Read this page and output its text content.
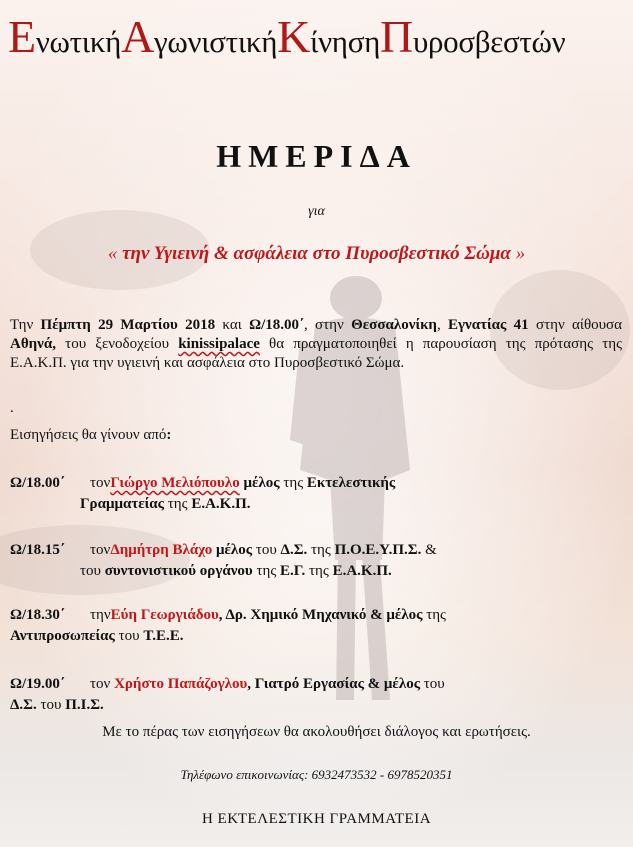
ΕνωτικήΑγωνιστικήΚίνησηΠυροσβεστών
ΗΜΕΡΙΔΑ
για
« την Υγιεινή & ασφάλεια στο Πυροσβεστικό Σώμα »
Την Πέμπτη 29 Μαρτίου 2018 και Ω/18.00΄, στην Θεσσαλονίκη, Εγνατίας 41 στην αίθουσα Αθηνά, του ξενοδοχείου kinissipalace θα πραγματοποιηθεί η παρουσίαση της πρότασης της Ε.Α.Κ.Π. για την υγιεινή και ασφάλεια στο Πυροσβεστικό Σώμα.
.
Εισηγήσεις θα γίνουν από:
Ω/18.00΄ τονΓιώργο Μελιόπουλο μέλος της Εκτελεστικής
Γραμματείας της Ε.Α.Κ.Π.
Ω/18.15΄ τονΔημήτρη Βλάχο μέλος του Δ.Σ. της Π.Ο.Ε.Υ.Π.Σ. &
του συντονιστικού οργάνου της Ε.Γ. της Ε.Α.Κ.Π.
Ω/18.30΄ τηνΕύη Γεωργιάδου, Δρ. Χημικό Μηχανικό & μέλος της
Αντιπροσωπείας του Τ.Ε.Ε.
Ω/19.00΄ τον Χρήστο Παπάζογλου, Γιατρό Εργασίας & μέλος του
Δ.Σ. του Π.Ι.Σ.
Με το πέρας των εισηγήσεων θα ακολουθήσει διάλογος και ερωτήσεις.
Τηλέφωνο επικοινωνίας: 6932473532 - 6978520351
Η ΕΚΤΕΛΕΣΤΙΚΗ ΓΡΑΜΜΑΤΕΙΑ
